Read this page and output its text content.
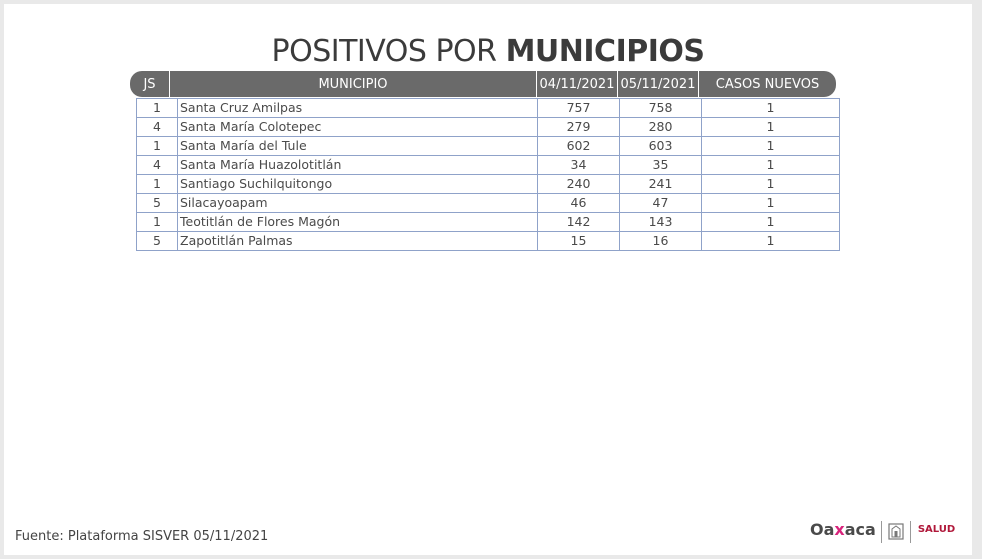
POSITIVOS POR MUNICIPIOS
JS	MUNICIPIO	04/11/2021 05/11/2021	CASOS NUEVOS
1	Santa Cruz Amilpas	757	758	1
4	Santa María Colotepec	279	280	1
1	Santa María del Tule	602	603	1
4	Santa María Huazolotitlán	34	35	1
1	Santiago Suchilquitongo	240	241	1
5	Silacayoapam	46	47	1
1	Teotitlán de Flores Magón	142	143	1
5	Zapotitlán Palmas	15	16	1
Fuente: Plataforma SISVER 05/11/2021	Oaxaca
	SALUD
